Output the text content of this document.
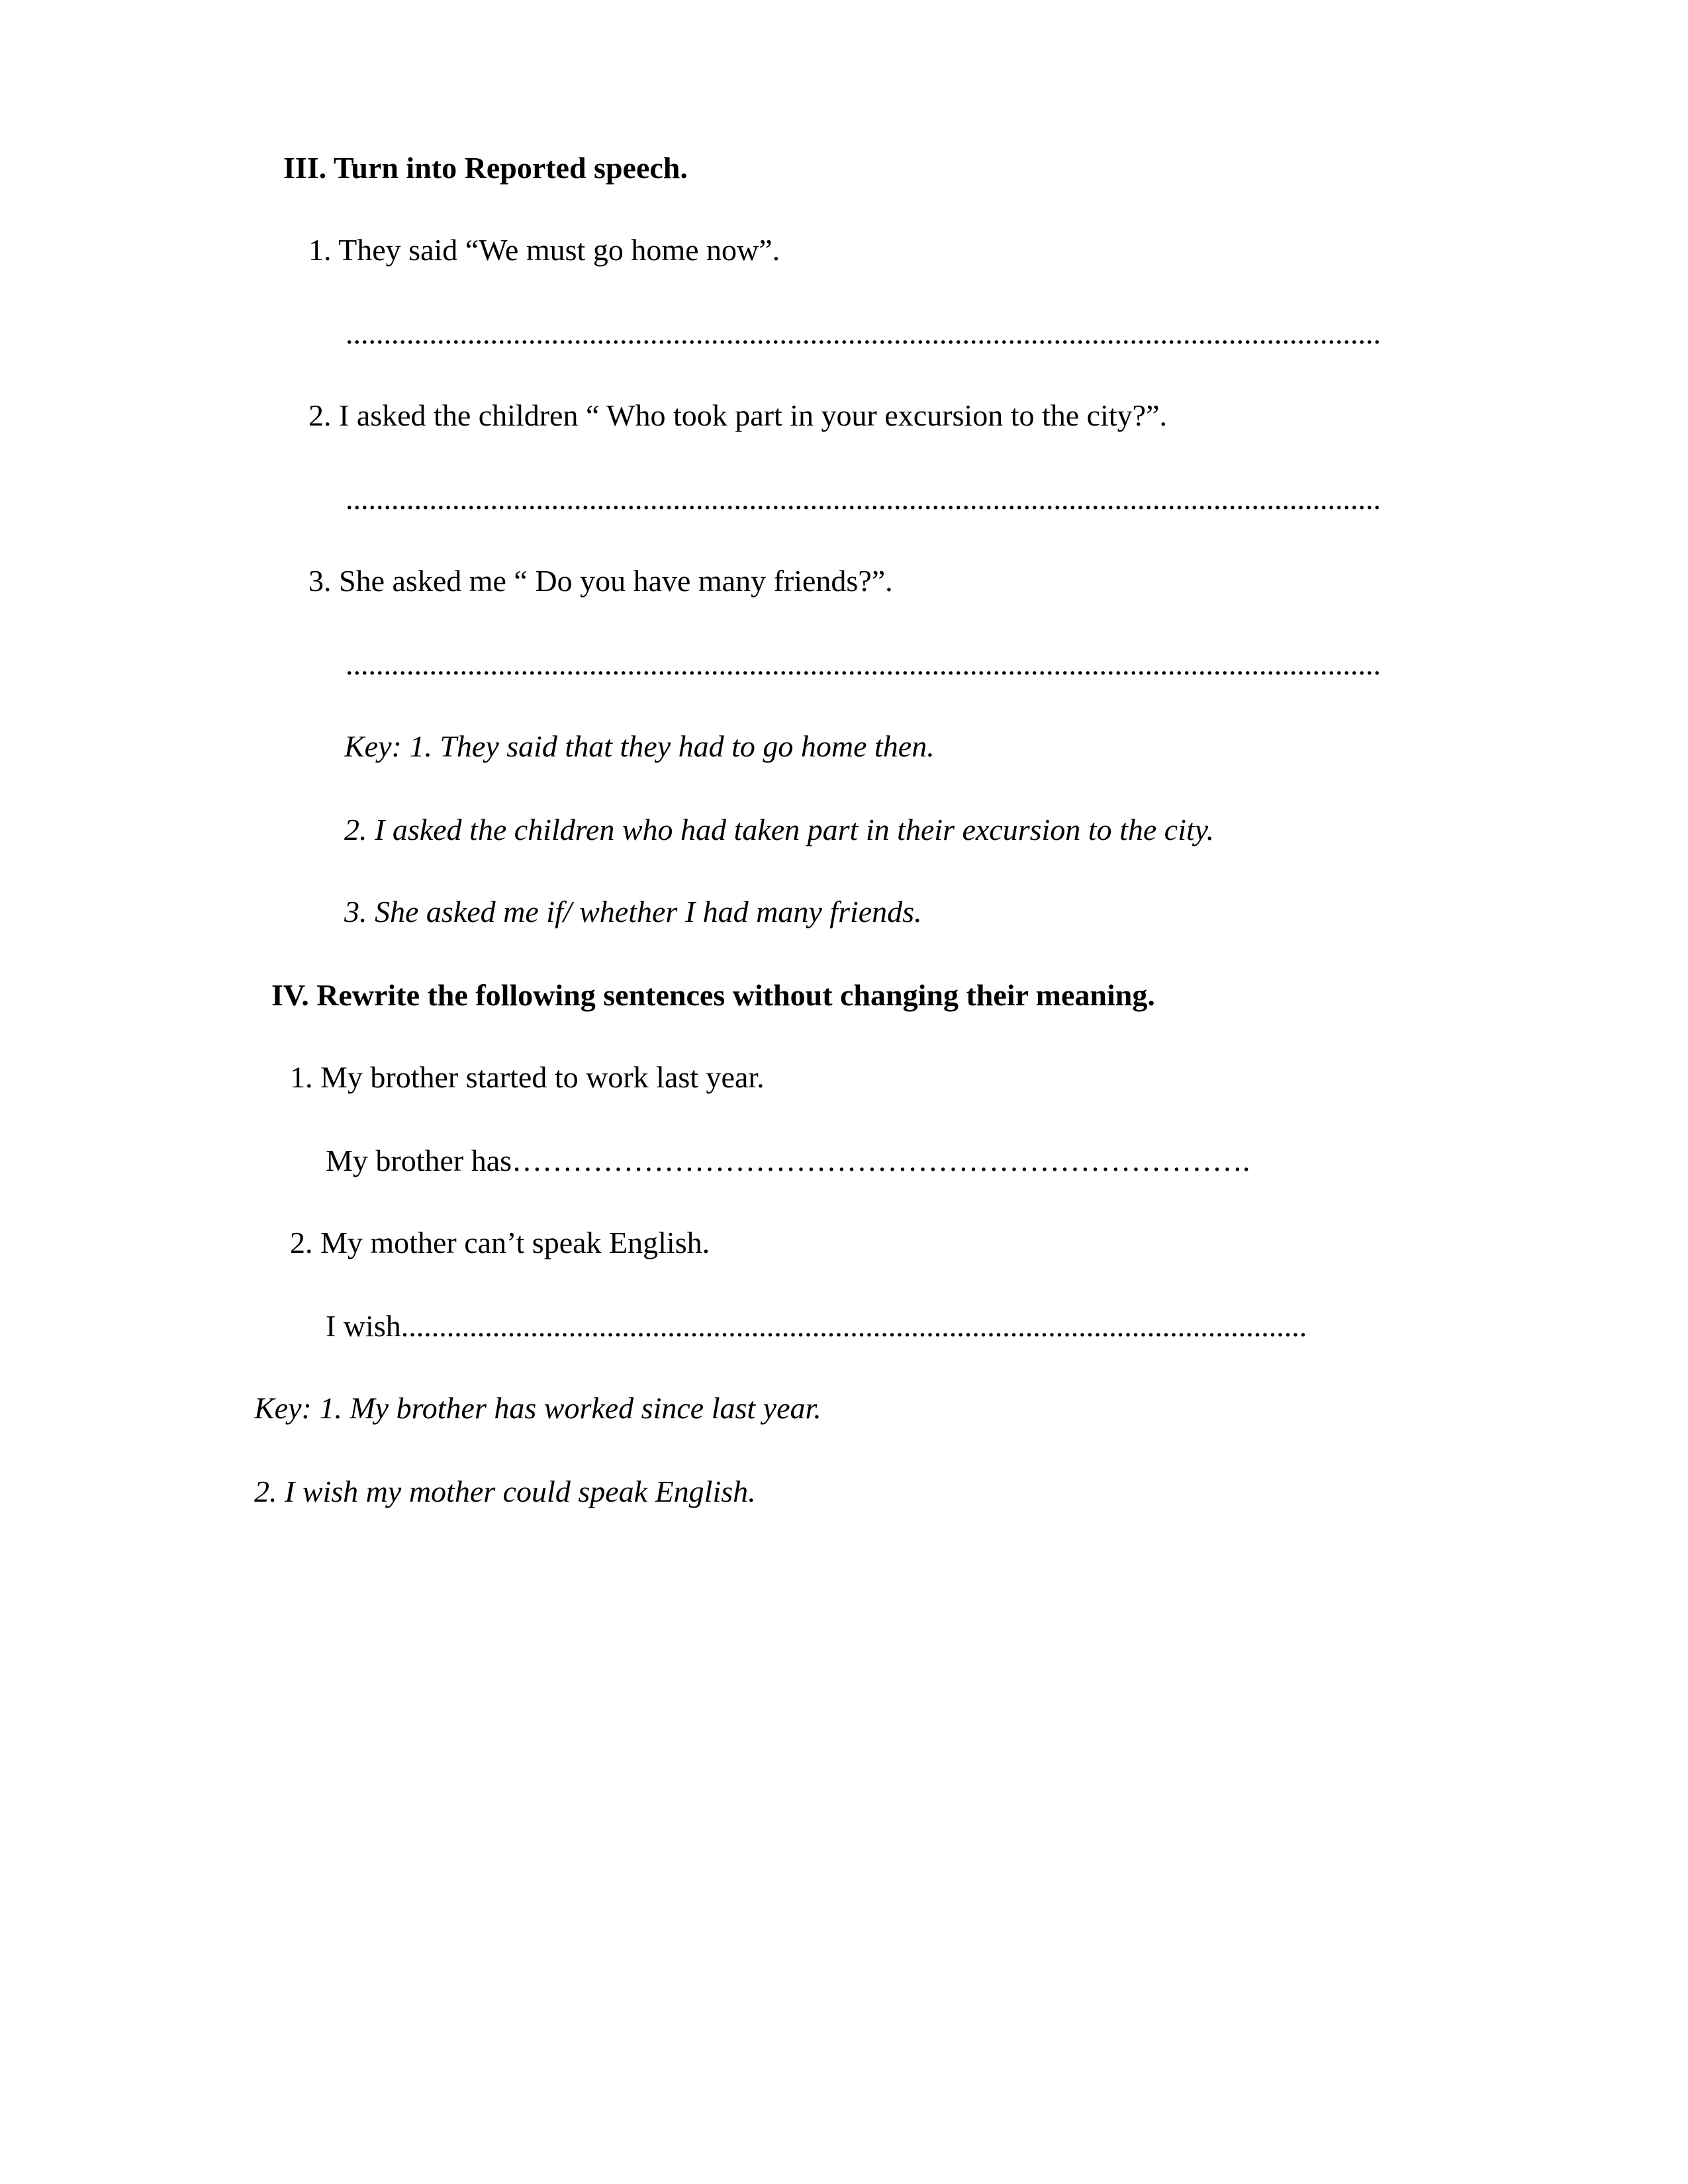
III. Turn into Reported speech.
1. They said “We must go home now”.
........................................................................................................................................
2. I asked the children “ Who took part in your excursion to the city?”.
........................................................................................................................................
3. She asked me “ Do you have many friends?”.
........................................................................................................................................
Key: 1. They said that they had to go home then.
2. I asked the children who had taken part in their excursion to the city.
3. She asked me if/ whether I had many friends.
IV. Rewrite the following sentences without changing their meaning.
1. My brother started to work last year.
My brother has……………………………………………………………….
2. My mother can’t speak English.
I wish.......................................................................................................................
Key: 1. My brother has worked since last year.
2. I wish my mother could speak English.
